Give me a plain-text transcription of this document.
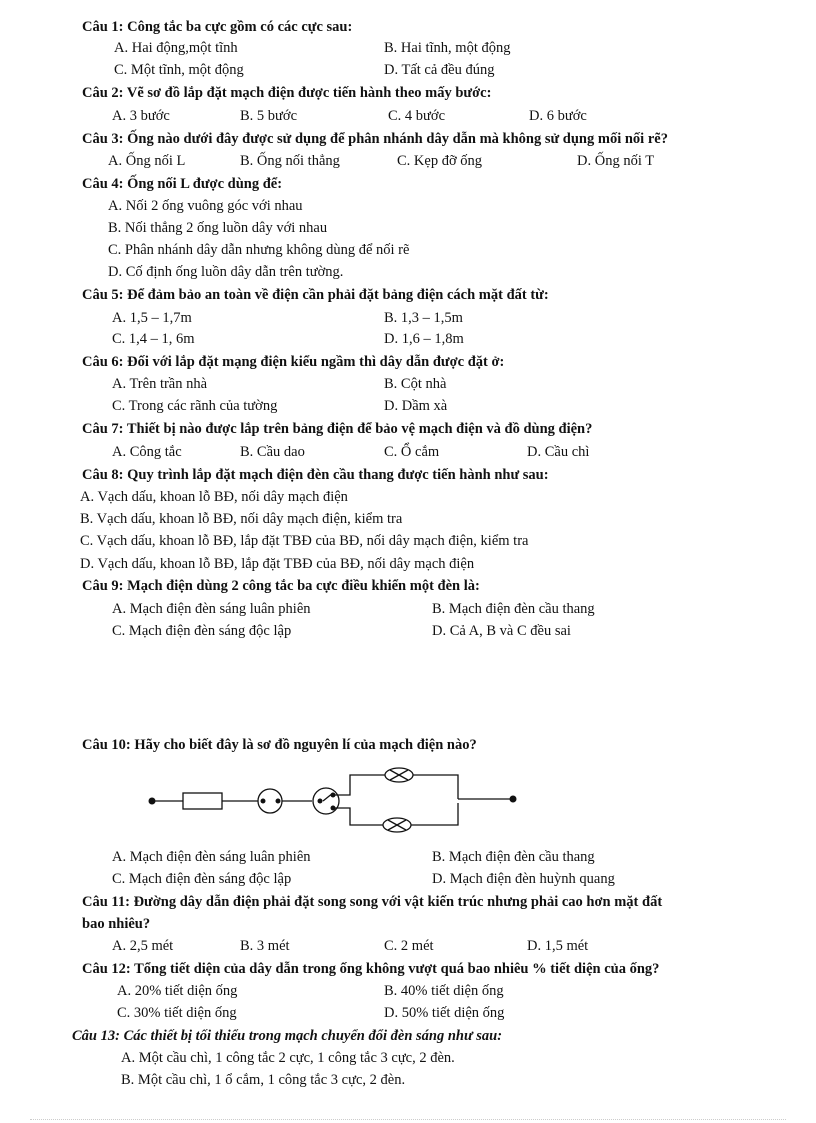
Câu 1: Công tắc ba cực gồm có các cực sau:
A. Hai động,một tĩnh	B. Hai tĩnh, một động
C. Một tĩnh, một động	D. Tất cả đều đúng
Câu 2: Vẽ sơ đồ lắp đặt mạch điện được tiến hành theo mấy bước:
A. 3 bước	B. 5 bước	C. 4 bước	D. 6 bước
Câu 3: Ống nào dưới đây được sử dụng để phân nhánh dây dẫn mà không sử dụng mối nối rẽ?
A. Ống nối L	B. Ống nối thẳng	C. Kẹp đỡ ống	D. Ống nối T
Câu 4: Ống nối L được dùng để:
A. Nối 2 ống vuông góc với nhau
B. Nối thẳng 2 ống luồn dây với nhau
C. Phân nhánh dây dẫn nhưng không dùng để nối rẽ
D. Cố định ống luồn dây dẫn trên tường.
Câu 5: Để đảm bảo an toàn về điện cần phải đặt bảng điện cách mặt đất từ:
A. 1,5 – 1,7m	B. 1,3 – 1,5m
C. 1,4 – 1, 6m	D. 1,6 – 1,8m
Câu 6: Đối với lắp đặt mạng điện kiểu ngầm thì dây dẫn được đặt ở:
A. Trên trần nhà	B. Cột nhà
C. Trong các rãnh của tường	D. Dầm xà
Câu 7: Thiết bị nào được lắp trên bảng điện để bảo vệ mạch điện và đồ dùng điện?
A. Công tắc	B. Cầu dao	C. Ổ cắm	D. Cầu chì
Câu 8: Quy trình lắp đặt mạch điện đèn cầu thang được tiến hành như sau:
A. Vạch dấu, khoan lỗ BĐ, nối dây mạch điện
B. Vạch dấu, khoan lỗ BĐ, nối dây mạch điện, kiểm tra
C. Vạch dấu, khoan lỗ BĐ, lắp đặt TBĐ của BĐ, nối dây mạch điện, kiểm tra
D. Vạch dấu, khoan lỗ BĐ, lắp đặt TBĐ của BĐ, nối dây mạch điện
Câu 9: Mạch điện dùng 2 công tắc ba cực điều khiển một đèn là:
A. Mạch điện đèn sáng luân phiên	B. Mạch điện đèn cầu thang
C. Mạch điện đèn sáng độc lập	D. Cả A, B và C đều sai
Câu 10: Hãy cho biết đây là sơ đồ nguyên lí của mạch điện nào?
A. Mạch điện đèn sáng luân phiên	B. Mạch điện đèn cầu thang
C. Mạch điện đèn sáng độc lập	D. Mạch điện đèn huỳnh quang
Câu 11: Đường dây dẫn điện phải đặt song song với vật kiến trúc nhưng phải cao hơn mặt đất
bao nhiêu?
A. 2,5 mét	B. 3 mét	C. 2 mét	D. 1,5 mét
Câu 12: Tổng tiết diện của dây dẫn trong ống không vượt quá bao nhiêu % tiết diện của ống?
A. 20% tiết diện ống	B. 40% tiết diện ống
C. 30% tiết diện ống	D. 50% tiết diện ống
Câu 13: Các thiết bị tối thiểu trong mạch chuyển đổi đèn sáng như sau:
A. Một cầu chì, 1 công tắc 2 cực, 1 công tắc 3 cực, 2 đèn.
B. Một cầu chì, 1 ổ cắm, 1 công tắc 3 cực, 2 đèn.
